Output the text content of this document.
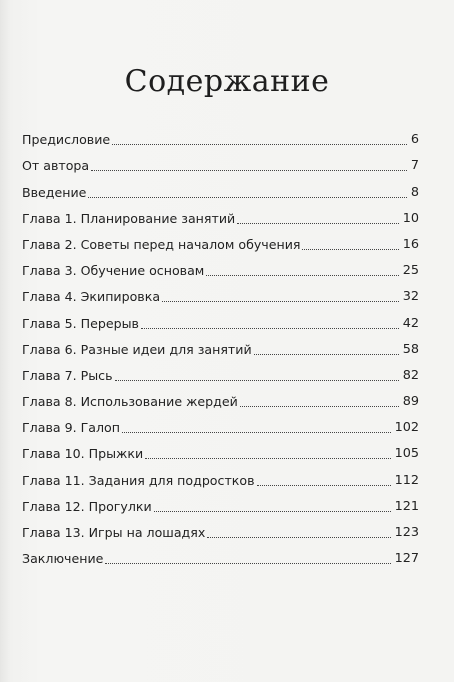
Содержание
Предисловие	6
От автора	7
Введение	8
Глава 1. Планирование занятий	10
Глава 2. Советы перед началом обучения	16
Глава 3. Обучение основам	25
Глава 4. Экипировка	32
Глава 5. Перерыв	42
Глава 6. Разные идеи для занятий	58
Глава 7. Рысь	82
Глава 8. Использование жердей	89
Глава 9. Галоп	102
Глава 10. Прыжки	105
Глава 11. Задания для подростков	112
Глава 12. Прогулки	121
Глава 13. Игры на лошадях	123
Заключение	127
